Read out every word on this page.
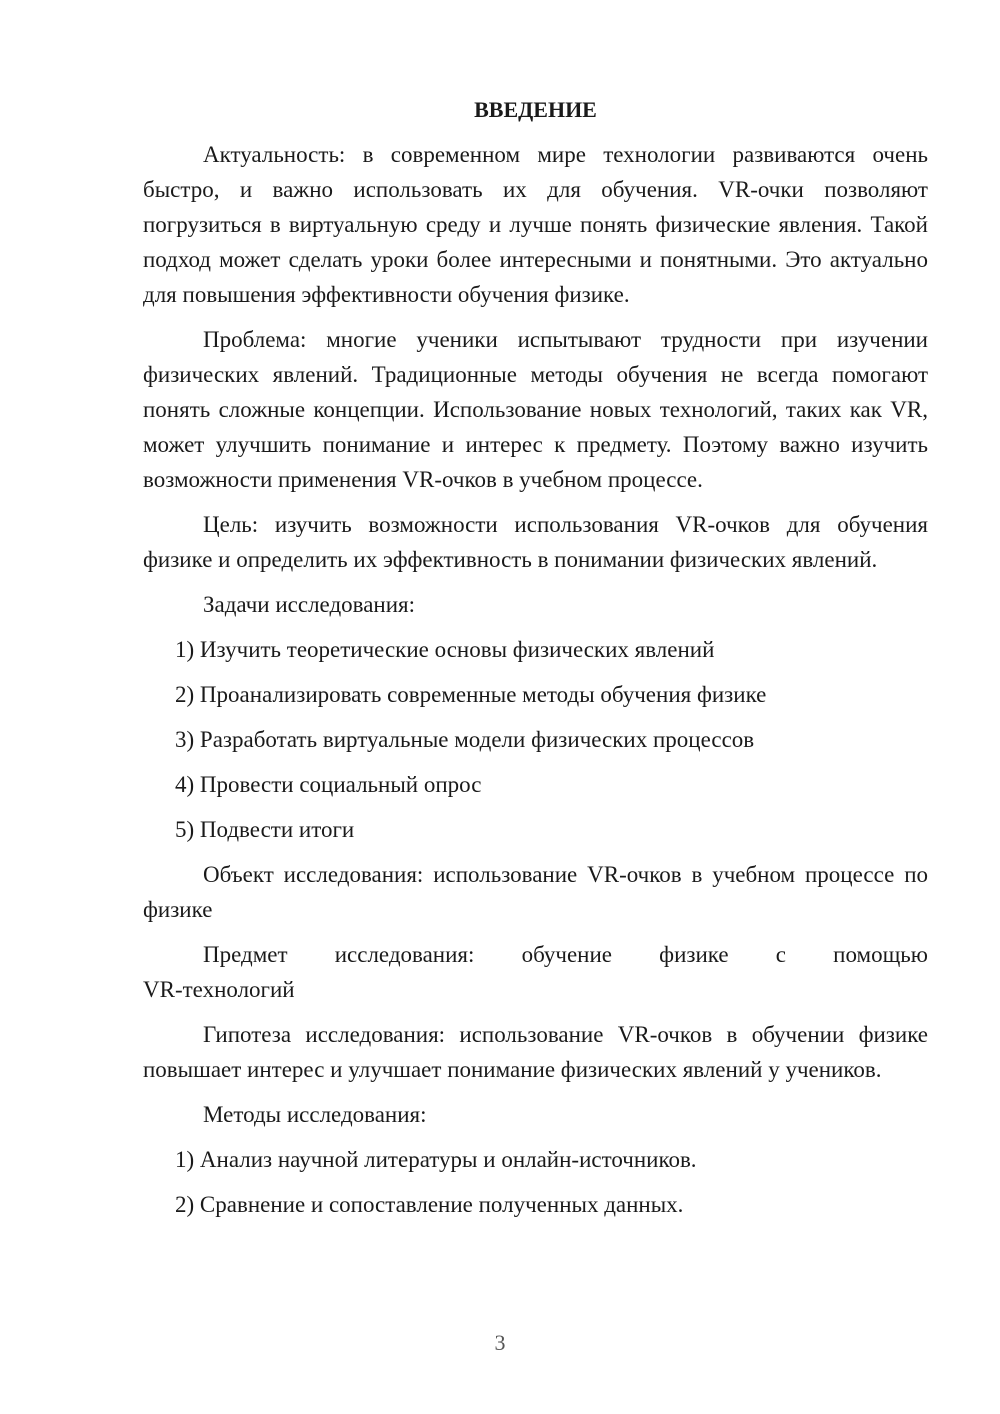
ВВЕДЕНИЕ

Актуальность: в современном мире технологии развиваются очень быстро, и важно использовать их для обучения. VR-очки позволяют погрузиться в виртуальную среду и лучше понять физические явления. Такой подход может сделать уроки более интересными и понятными. Это актуально для повышения эффективности обучения физике.

Проблема: многие ученики испытывают трудности при изучении физических явлений. Традиционные методы обучения не всегда помогают понять сложные концепции. Использование новых технологий, таких как VR, может улучшить понимание и интерес к предмету. Поэтому важно изучить возможности применения VR-очков в учебном процессе.

Цель: изучить возможности использования VR-очков для обучения физике и определить их эффективность в понимании физических явлений.

Задачи исследования:

1) Изучить теоретические основы физических явлений
2) Проанализировать современные методы обучения физике
3) Разработать виртуальные модели физических процессов
4) Провести социальный опрос
5) Подвести итоги

Объект исследования: использование VR-очков в учебном процессе по физике

Предмет исследования: обучение физике с помощью
VR-технологий

Гипотеза исследования: использование VR-очков в обучении физике повышает интерес и улучшает понимание физических явлений у учеников.

Методы исследования:

1) Анализ научной литературы и онлайн-источников.
2) Сравнение и сопоставление полученных данных.
3
